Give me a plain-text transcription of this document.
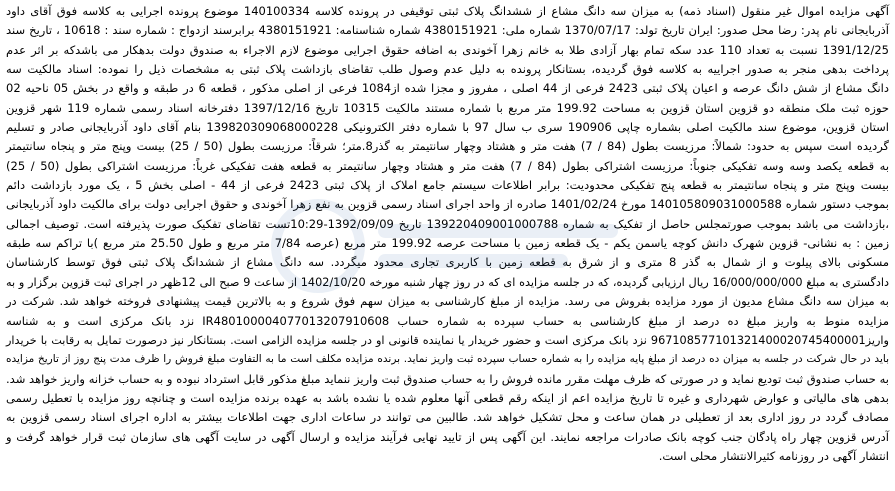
آگهی مزایده اموال غیر منقول (اسناد ذمه) به میزان سه دانگ مشاع از ششدانگ پلاک ثبتی توقیفی در پرونده کلاسه 140100334 موضوع پرونده اجرایی به کلاسه فوق آقای داود
آذربایجانی نام پدر: رضا محل صدور: ایران تاریخ تولد: 1370/07/17 شماره ملی: 4380151921 شماره شناسنامه: 4380151921 برابرسند ازدواج : شماره سند : 10618 ، تاریخ سند
1391/12/25 نسبت به تعداد 110 عدد سکه تمام بهار آزادی طلا به خانم زهرا آخوندی به اضافه حقوق اجرایی موضوع لازم الاجراء به صندوق دولت بدهکار می باشدکه بر اثر عدم
پرداخت بدهی منجر به صدور اجراییه به کلاسه فوق گردیده، بستانکار پرونده به دلیل عدم وصول طلب تقاضای بازداشت پلاک ثبتی به مشخصات ذیل را نموده: اسناد مالکیت سه
دانگ مشاع از شش دانگ عرصه و اعیان پلاک ثبتی 2423 فرعی از 44 اصلی ، مفروز و مجزا شده از1084 فرعی از اصلی مذکور ، قطعه 6 در طبقه و واقع در بخش 05 ناحیه 02
حوزه ثبت ملک منطقه دو قزوین استان قزوین به مساحت 199.92 متر مربع با شماره مستند مالکیت 10315 تاریخ 1397/12/16 دفترخانه اسناد رسمی شماره 119 شهر قزوین
استان قزوین، موضوع سند مالکیت اصلی بشماره چاپی 190906 سری ب سال 97 با شماره دفتر الکترونیکی 139820309068000228 بنام آقای داود آذربایجانی صادر و تسلیم
گردیده است سپس به حدود: شمالاً: مرزیست بطول (84 / 7) هفت متر و هشتاد وچهار سانتیمتر به گذر8.متر؛ شرقاً: مرزیست بطول (50 / 25) بیست وپنج متر و پنجاه سانتیمتر
به قطعه یکصد وسه وسه تفکیکی جنوباً: مرزیست اشتراکی بطول (84 / 7) هفت متر و هشتاد وچهار سانتیمتر به قطعه هفت تفکیکی غرباً: مرزیست اشتراکی بطول (50 / 25)
بیست وپنج متر و پنجاه سانتیمتر به قطعه پنج تفکیکی محدودیت: برابر اطلاعات سیستم جامع املاک از پلاک ثبتی 2423 فرعی از 44 - اصلی بخش 5 ، یک مورد بازداشت دائم
بموجب دستور شماره 140105809031000588 مورخ 1401/02/24 صادره از واحد اجرای اسناد رسمی قزوین به نفع زهرا آخوندی و حقوق اجرایی دولت برای مالکیت داود آذربایجانی
،بازداشت می باشد بموجب صورتمجلس حاصل از تفکیک به شماره 139220409001000788 تاریخ 1392/09/09-10:29تست تقاضای تفکیک صورت پذیرفته است. توصیف اجمالی
زمین : به نشانی- قزوین شهرک دانش کوچه یاسمن یکم - یک قطعه زمین با مساحت عرصه 199.92 متر مربع (عرصه 7/84 متر مربع و طول 25.50 متر مربع )با تراکم سه طبقه
مسکونی بالای پیلوت و از شمال به گذر 8 متری و از شرق به قطعه زمین با کاربری تجاری محدود میگردد. سه دانگ مشاع از ششدانگ پلاک ثبتی فوق توسط کارشناسان
دادگستری به مبلغ 16/000/000/000 ریال ارزیابی گردیده، که در جلسه مزایده ای که در روز چهار شنبه مورخه 1402/10/20 از ساعت 9 صبح الی 12ظهر در اجرای ثبت قزوین برگزار و به
به میزان سه دانگ مشاع مدیون از مورد مزایده بفروش می رسد. مزایده از مبلغ کارشناسی به میزان سهم فوق شروع و به بالاترین قیمت پیشنهادی فروخته خواهد شد. شرکت در
مزایده منوط به واریز مبلغ ده درصد از مبلغ کارشناسی به حساب سپرده به شماره حساب IR480100004077013207910608 نزد بانک مرکزی است و به شناسه
واریز967108577101321400020745400001 نزد بانک مرکزی است و حضور خریدار یا نماینده قانونی او در جلسه مزایده الزامی است. بستانکار نیز درصورت تمایل به رقابت با خریدار
باید در حال شرکت در جلسه به میزان ده درصد از مبلغ پایه مزایده را به شماره حساب سپرده ثبت واریز نماید. برنده مزایده مکلف است ما به التفاوت مبلغ فروش را ظرف مدت پنج روز از تاریخ مزایده
به حساب صندوق ثبت تودیع نماید و در صورتی که ظرف مهلت مقرر مانده فروش را به حساب صندوق ثبت واریز ننماید مبلغ مذکور قابل استرداد نبوده و به حساب خزانه واریز خواهد شد.
بدهی های مالیاتی و عوارض شهرداری و غیره تا تاریخ مزایده اعم از اینکه رقم قطعی آنها معلوم شده یا نشده باشد به عهده برنده مزایده است و چنانچه روز مزایده با تعطیل رسمی
مصادف گردد در روز اداری بعد از تعطیلی در همان ساعت و محل تشکیل خواهد شد. طالبین می توانند در ساعات اداری جهت اطلاعات بیشتر به اداره اجرای اسناد رسمی قزوین به
آدرس قزوین چهار راه پادگان جنب کوچه بانک صادرات مراجعه نمایند. این آگهی پس از تایید نهایی فرآیند مزایده و ارسال آگهی در سایت آگهی های سازمان ثبت قرار خواهد گرفت و
انتشار آگهی در روزنامه کثیرالانتشار محلی است.
